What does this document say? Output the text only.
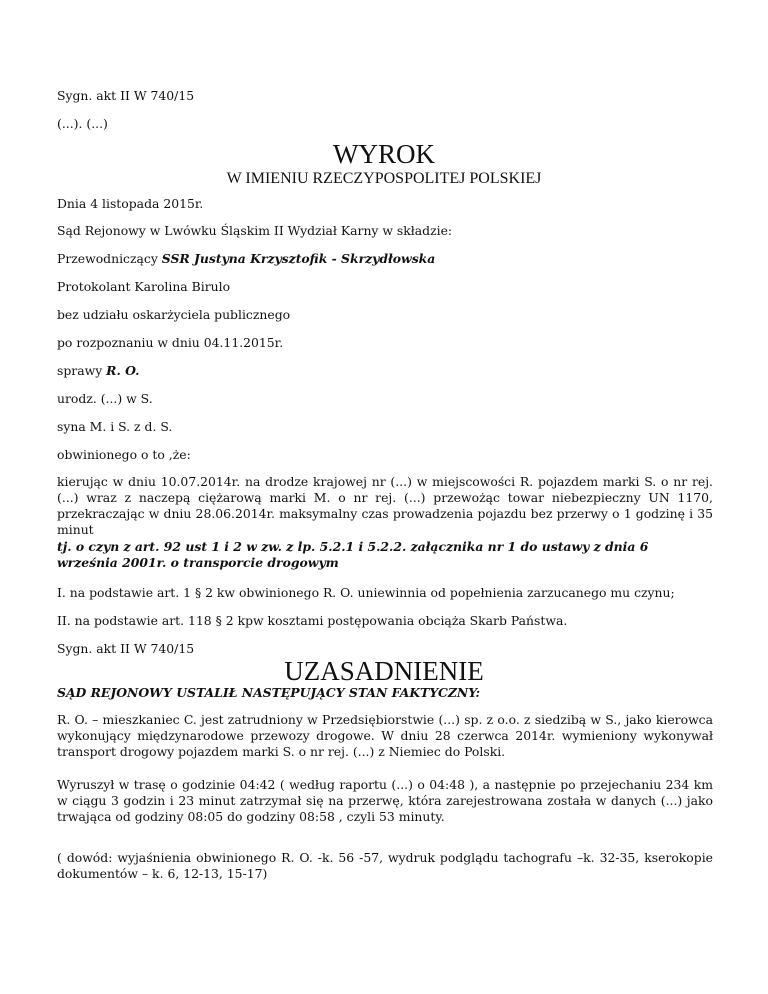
Sygn. akt II W 740/15

(...). (...)

WYROK
W IMIENIU RZECZYPOSPOLITEJ POLSKIEJ

Dnia 4 listopada 2015r.

Sąd Rejonowy w Lwówku Śląskim II Wydział Karny w składzie:

Przewodniczący SSR Justyna Krzysztofik - Skrzydłowska

Protokolant Karolina Birulo

bez udziału oskarżyciela publicznego

po rozpoznaniu w dniu 04.11.2015r.

sprawy R. O.

urodz. (...) w S.

syna M. i S. z d. S.

obwinionego o to ,że:

kierując w dniu 10.07.2014r. na drodze krajowej nr (...) w miejscowości R. pojazdem marki S. o nr rej. (...) wraz z naczepą ciężarową marki M. o nr rej. (...) przewożąc towar niebezpieczny UN 1170, przekraczając w dniu 28.06.2014r. maksymalny czas prowadzenia pojazdu bez przerwy o 1 godzinę i 35 minut

tj. o czyn z art. 92 ust 1 i 2 w zw. z lp. 5.2.1 i 5.2.2. załącznika nr 1 do ustawy z dnia 6 września 2001r. o transporcie drogowym

I. na podstawie art. 1 § 2 kw obwinionego R. O. uniewinnia od popełnienia zarzucanego mu czynu;

II. na podstawie art. 118 § 2 kpw kosztami postępowania obciąża Skarb Państwa.

Sygn. akt II W 740/15

UZASADNIENIE

SĄD REJONOWY USTALIŁ NASTĘPUJĄCY STAN FAKTYCZNY:

R. O. – mieszkaniec C. jest zatrudniony w Przedsiębiorstwie (...) sp. z o.o. z siedzibą w S., jako kierowca wykonujący międzynarodowe przewozy drogowe. W dniu 28 czerwca 2014r. wymieniony wykonywał transport drogowy pojazdem marki S. o nr rej. (...) z Niemiec do Polski.

Wyruszył w trasę o godzinie 04:42 ( według raportu (...) o 04:48 ), a następnie po przejechaniu 234 km w ciągu 3 godzin i 23 minut zatrzymał się na przerwę, która zarejestrowana została w danych (...) jako trwająca od godziny 08:05 do godziny 08:58 , czyli 53 minuty.

( dowód: wyjaśnienia obwinionego R. O. -k. 56 -57, wydruk podglądu tachografu –k. 32-35, kserokopie dokumentów – k. 6, 12-13, 15-17)
